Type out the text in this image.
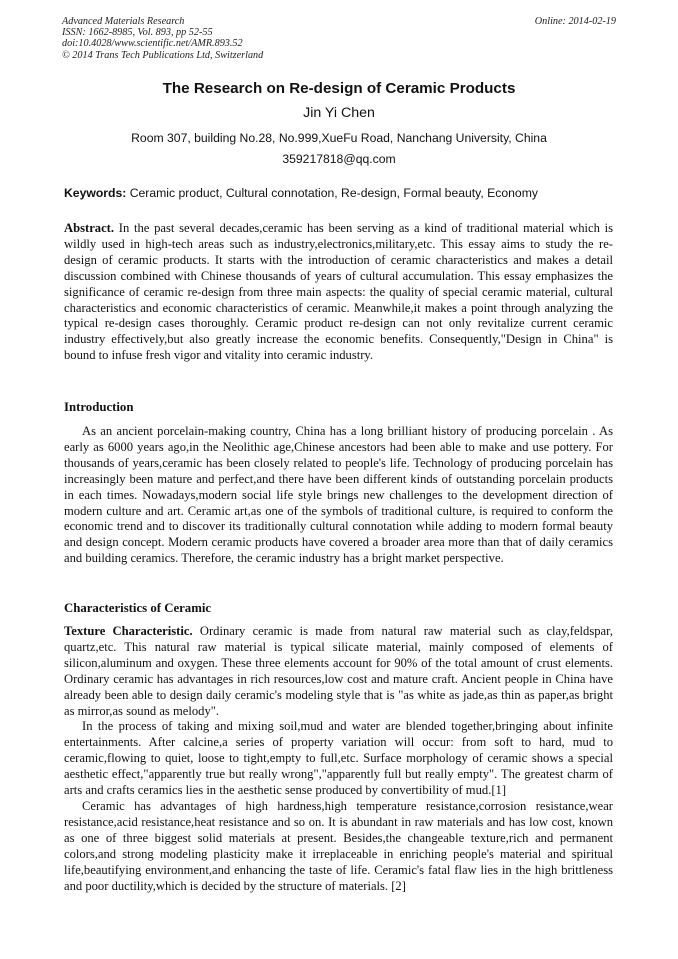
Advanced Materials Research
ISSN: 1662-8985, Vol. 893, pp 52-55
doi:10.4028/www.scientific.net/AMR.893.52
© 2014 Trans Tech Publications Ltd, Switzerland
Online: 2014-02-19
The Research on Re-design of Ceramic Products
Jin Yi Chen
Room 307, building No.28, No.999,XueFu Road, Nanchang University, China
359217818@qq.com
Keywords: Ceramic product, Cultural connotation, Re-design, Formal beauty, Economy

Abstract. In the past several decades,ceramic has been serving as a kind of traditional material which is wildly used in high-tech areas such as industry,electronics,military,etc. This essay aims to study the re-design of ceramic products. It starts with the introduction of ceramic characteristics and makes a detail discussion combined with Chinese thousands of years of cultural accumulation. This essay emphasizes the significance of ceramic re-design from three main aspects: the quality of special ceramic material, cultural characteristics and economic characteristics of ceramic. Meanwhile,it makes a point through analyzing the typical re-design cases thoroughly. Ceramic product re-design can not only revitalize current ceramic industry effectively,but also greatly increase the economic benefits. Consequently,"Design in China" is bound to infuse fresh vigor and vitality into ceramic industry.

Introduction

As an ancient porcelain-making country, China has a long brilliant history of producing porcelain . As early as 6000 years ago,in the Neolithic age,Chinese ancestors had been able to make and use pottery. For thousands of years,ceramic has been closely related to people's life. Technology of producing porcelain has increasingly been mature and perfect,and there have been different kinds of outstanding porcelain products in each times. Nowadays,modern social life style brings new challenges to the development direction of modern culture and art. Ceramic art,as one of the symbols of traditional culture, is required to conform the economic trend and to discover its traditionally cultural connotation while adding to modern formal beauty and design concept. Modern ceramic products have covered a broader area more than that of daily ceramics and building ceramics. Therefore, the ceramic industry has a bright market perspective.

Characteristics of Ceramic

Texture Characteristic. Ordinary ceramic is made from natural raw material such as clay,feldspar, quartz,etc. This natural raw material is typical silicate material, mainly composed of elements of silicon,aluminum and oxygen. These three elements account for 90% of the total amount of crust elements. Ordinary ceramic has advantages in rich resources,low cost and mature craft. Ancient people in China have already been able to design daily ceramic's modeling style that is "as white as jade,as thin as paper,as bright as mirror,as sound as melody".

In the process of taking and mixing soil,mud and water are blended together,bringing about infinite entertainments. After calcine,a series of property variation will occur: from soft to hard, mud to ceramic,flowing to quiet, loose to tight,empty to full,etc. Surface morphology of ceramic shows a special aesthetic effect,"apparently true but really wrong","apparently full but really empty". The greatest charm of arts and crafts ceramics lies in the aesthetic sense produced by convertibility of mud.[1]

Ceramic has advantages of high hardness,high temperature resistance,corrosion resistance,wear resistance,acid resistance,heat resistance and so on. It is abundant in raw materials and has low cost, known as one of three biggest solid materials at present. Besides,the changeable texture,rich and permanent colors,and strong modeling plasticity make it irreplaceable in enriching people's material and spiritual life,beautifying environment,and enhancing the taste of life. Ceramic's fatal flaw lies in the high brittleness and poor ductility,which is decided by the structure of materials. [2]
